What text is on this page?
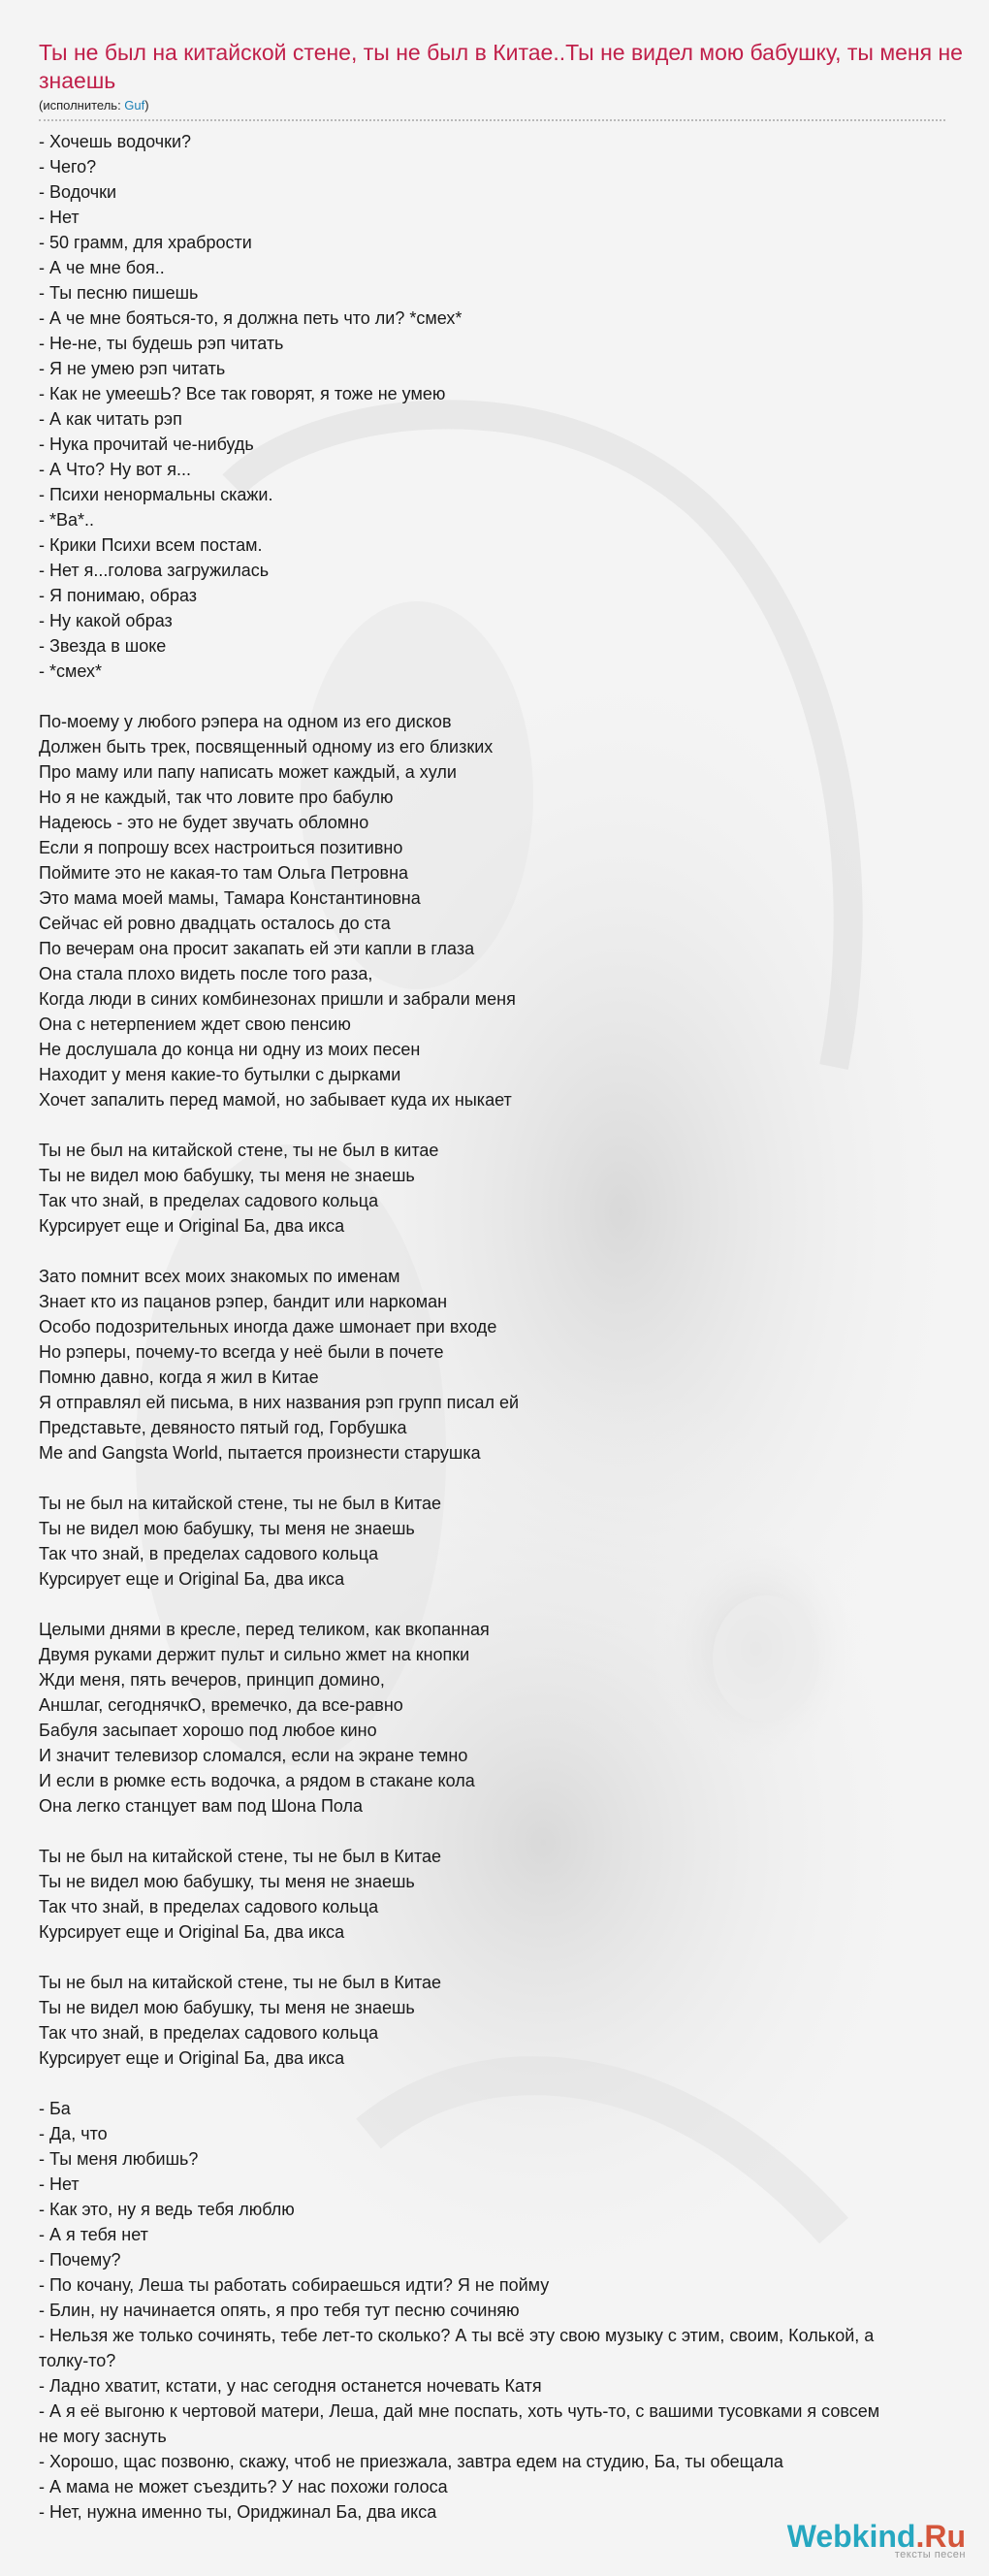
Ты не был на китайской стене, ты не был в Китае..Ты не видел мою бабушку, ты меня не знаешь
(исполнитель: Guf)
- Хочешь водочки?
- Чего?
- Водочки
- Нет
- 50 грамм, для храбрости
- А че мне боя..
- Ты песню пишешь
- А че мне бояться-то, я должна петь что ли? *смех*
- Не-не, ты будешь рэп читать
- Я не умею рэп читать
- Как не умеешЬ? Все так говорят, я тоже не умею
- А как читать рэп
- Нука прочитай че-нибудь
- А Что? Ну вот я...
- Психи ненормальны скажи.
- *Ва*..
- Крики Психи всем постам.
- Нет я...голова загружилась
- Я понимаю, образ
- Ну какой образ
- Звезда в шоке
- *смех*
По-моему у любого рэпера на одном из его дисков
Должен быть трек, посвященный одному из его близких
Про маму или папу написать может каждый, а хули
Но я не каждый, так что ловите про бабулю
Надеюсь - это не будет звучать обломно
Если я попрошу всех настроиться позитивно
Поймите это не какая-то там Ольга Петровна
Это мама моей мамы, Тамара Константиновна
Сейчас ей ровно двадцать осталось до ста
По вечерам она просит закапать ей эти капли в глаза
Она стала плохо видеть после того раза,
Когда люди в синих комбинезонах пришли и забрали меня
Она с нетерпением ждет свою пенсию
Не дослушала до конца ни одну из моих песен
Находит у меня какие-то бутылки с дырками
Хочет запалить перед мамой, но забывает куда их ныкает
Ты не был на китайской стене, ты не был в китае
Ты не видел мою бабушку, ты меня не знаешь
Так что знай, в пределах садового кольца
Курсирует еще и Original Ба, два икса
Зато помнит всех моих знакомых по именам
Знает кто из пацанов рэпер, бандит или наркоман
Особо подозрительных иногда даже шмонает при входе
Но рэперы, почему-то всегда у неё были в почете
Помню давно, когда я жил в Китае
Я отправлял ей письма, в них названия рэп групп писал ей
Представьте, девяносто пятый год, Горбушка
Me and Gangsta World, пытается произнести старушка
Ты не был на китайской стене, ты не был в Китае
Ты не видел мою бабушку, ты меня не знаешь
Так что знай, в пределах садового кольца
Курсирует еще и Original Ба, два икса
Целыми днями в кресле, перед теликом, как вкопанная
Двумя руками держит пульт и сильно жмет на кнопки
Жди меня, пять вечеров, принцип домино,
Аншлаг, сегоднячкО, времечко, да все-равно
Бабуля засыпает хорошо под любое кино
И значит телевизор сломался, если на экране темно
И если в рюмке есть водочка, а рядом в стакане кола
Она легко станцует вам под Шона Пола
Ты не был на китайской стене, ты не был в Китае
Ты не видел мою бабушку, ты меня не знаешь
Так что знай, в пределах садового кольца
Курсирует еще и Original Ба, два икса
Ты не был на китайской стене, ты не был в Китае
Ты не видел мою бабушку, ты меня не знаешь
Так что знай, в пределах садового кольца
Курсирует еще и Original Ба, два икса
- Ба
- Да, что
- Ты меня любишь?
- Нет
- Как это, ну я ведь тебя люблю
- А я тебя нет
- Почему?
- По кочану, Леша ты работать собираешься идти? Я не пойму
- Блин, ну начинается опять, я про тебя тут песню сочиняю
- Нельзя же только сочинять, тебе лет-то сколько? А ты всё эту свою музыку с этим, своим, Колькой, а
толку-то?
- Ладно хватит, кстати, у нас сегодня останется ночевать Катя
- А я её выгоню к чертовой матери, Леша, дай мне поспать, хоть чуть-то, с вашими тусовками я совсем
не могу заснуть
- Хорошо, щас позвоню, скажу, чтоб не приезжала, завтра едем на студию, Ба, ты обещала
- А мама не может съездить? У нас похожи голоса
- Нет, нужна именно ты, Ориджинал Ба, два икса
Webkind.Ru
тексты песен
